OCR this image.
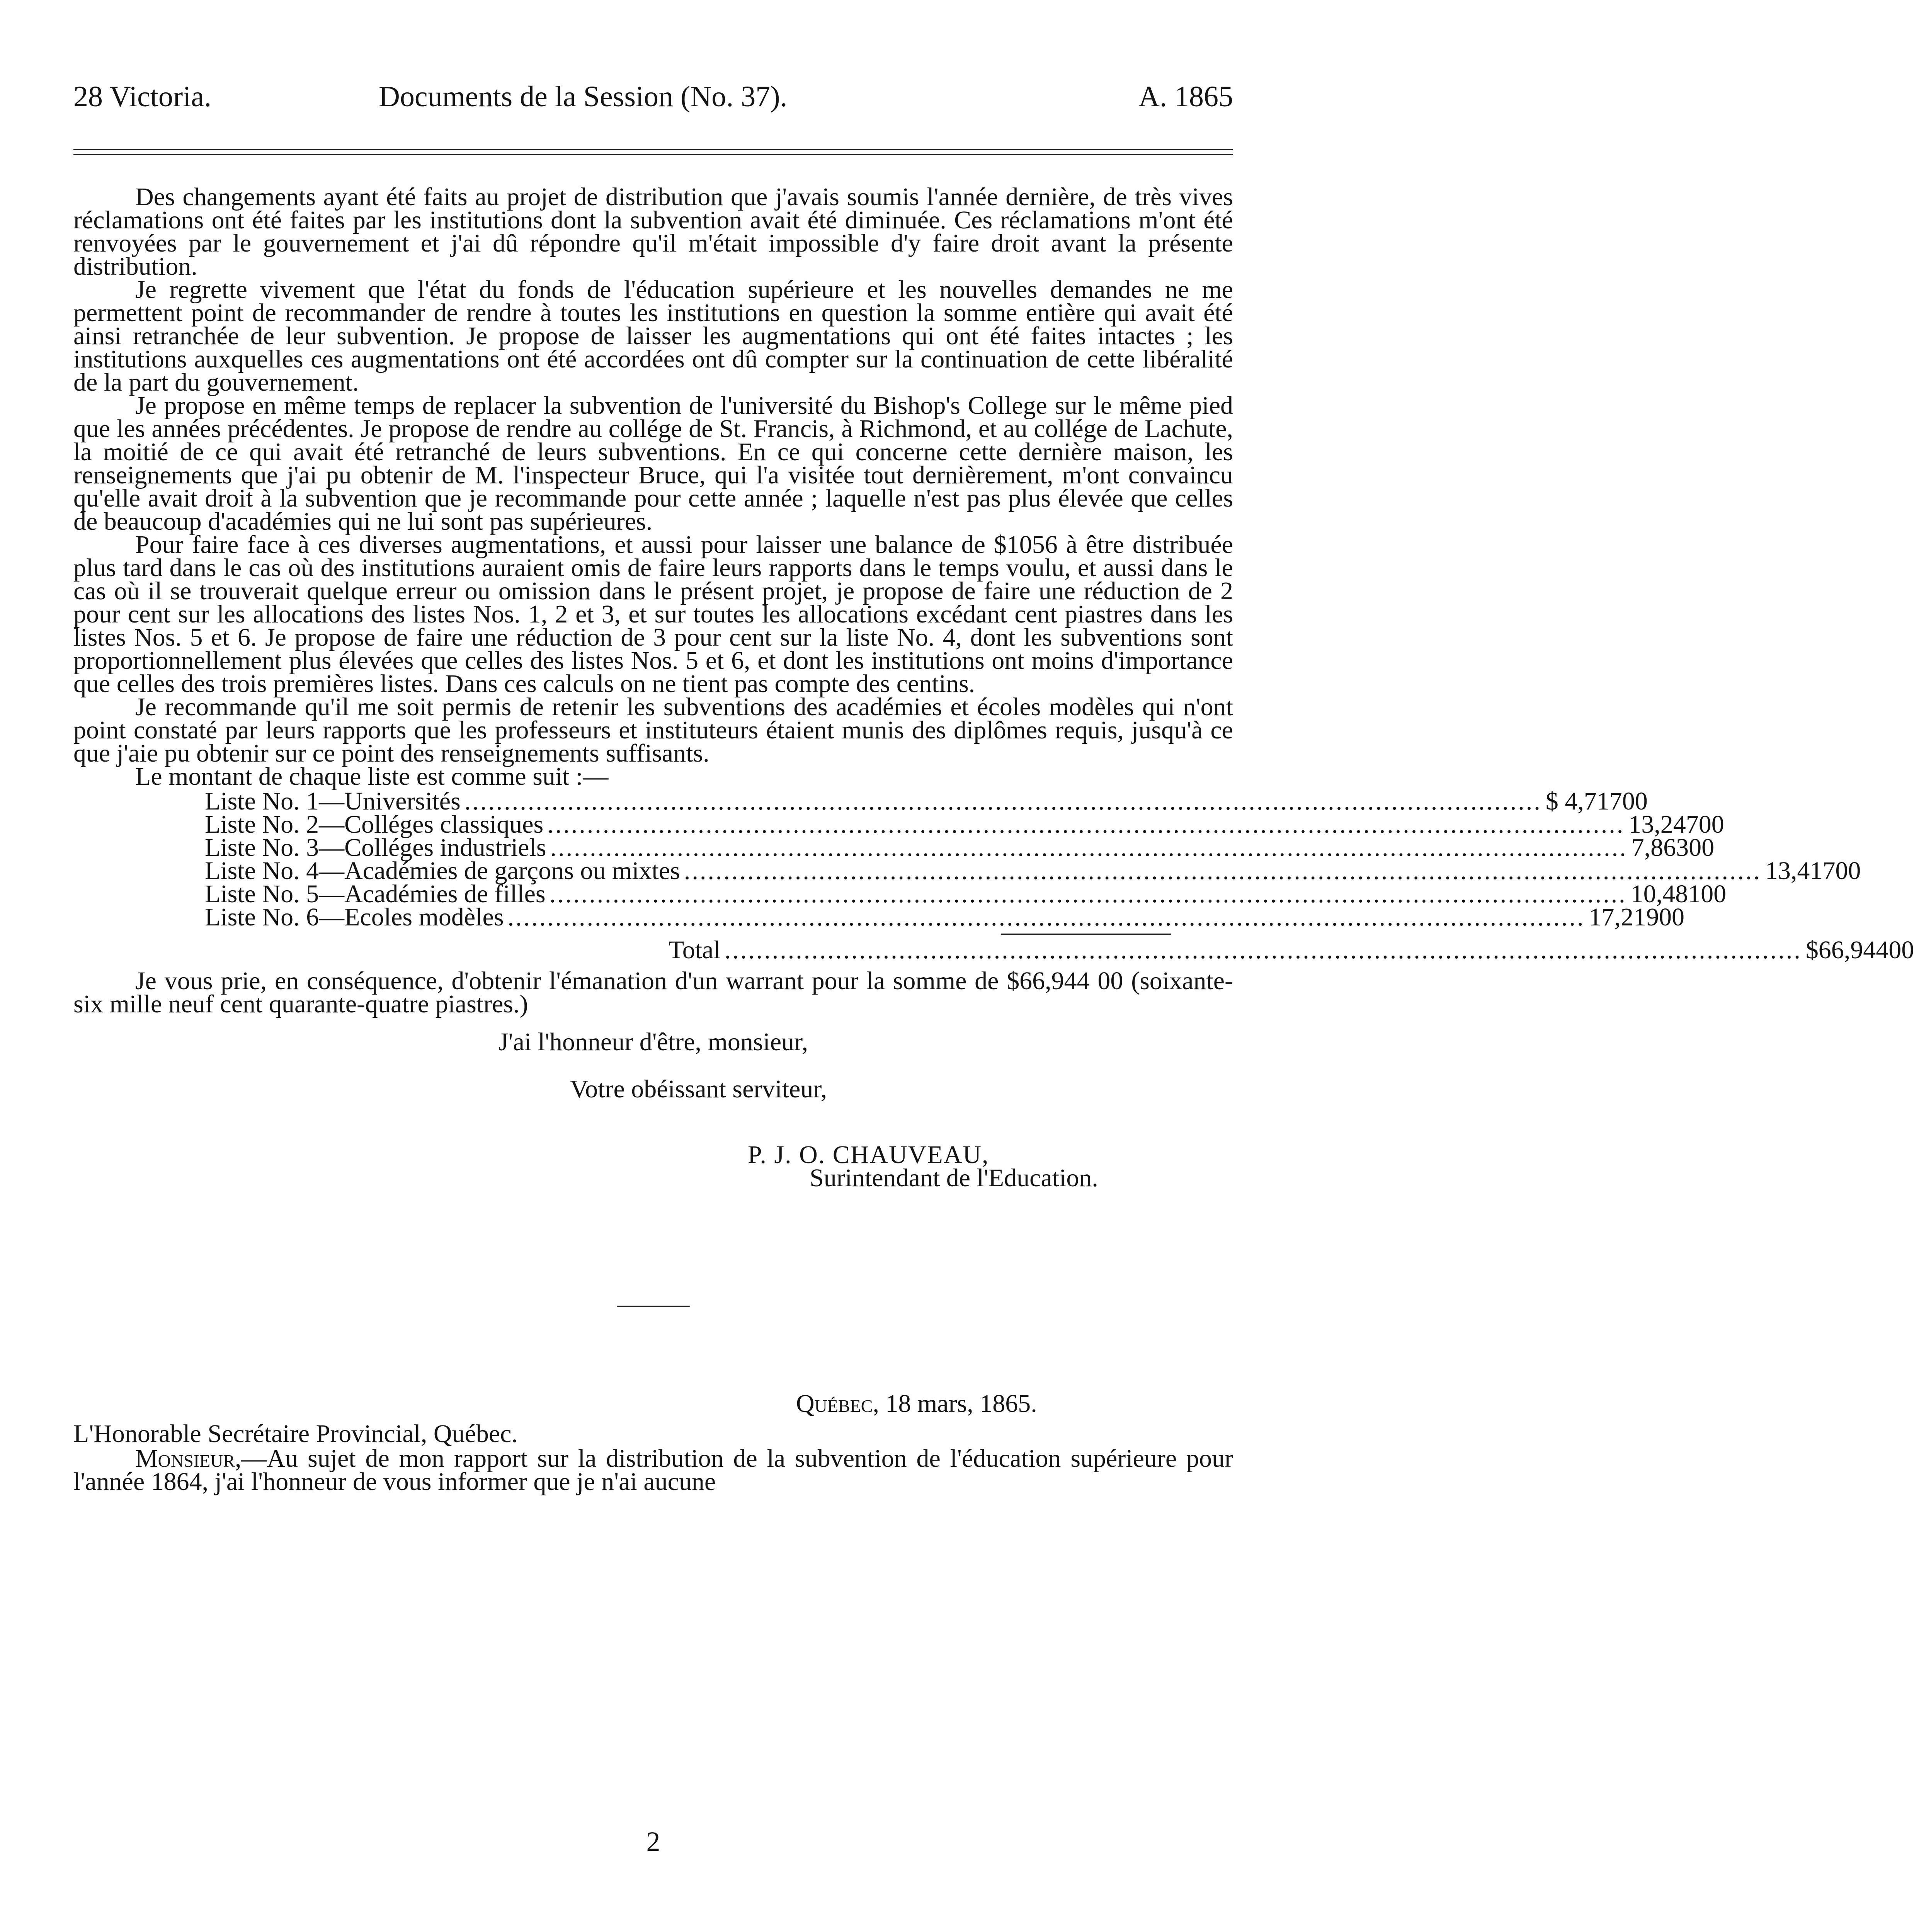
28 Victoria.	Documents de la Session (No. 37).	A. 1865

Des changements ayant été faits au projet de distribution que j'avais soumis l'année dernière, de très vives réclamations ont été faites par les institutions dont la subvention avait été diminuée. Ces réclamations m'ont été renvoyées par le gouvernement et j'ai dû répondre qu'il m'était impossible d'y faire droit avant la présente distribution.

Je regrette vivement que l'état du fonds de l'éducation supérieure et les nouvelles demandes ne me permettent point de recommander de rendre à toutes les institutions en question la somme entière qui avait été ainsi retranchée de leur subvention. Je propose de laisser les augmentations qui ont été faites intactes ; les institutions auxquelles ces augmentations ont été accordées ont dû compter sur la continuation de cette libéralité de la part du gouvernement.

Je propose en même temps de replacer la subvention de l'université du Bishop's College sur le même pied que les années précédentes. Je propose de rendre au collége de St. Francis, à Richmond, et au collége de Lachute, la moitié de ce qui avait été retranché de leurs subventions. En ce qui concerne cette dernière maison, les renseignements que j'ai pu obtenir de M. l'inspecteur Bruce, qui l'a visitée tout dernièrement, m'ont convaincu qu'elle avait droit à la subvention que je recommande pour cette année ; laquelle n'est pas plus élevée que celles de beaucoup d'académies qui ne lui sont pas supérieures.

Pour faire face à ces diverses augmentations, et aussi pour laisser une balance de $1056 à être distribuée plus tard dans le cas où des institutions auraient omis de faire leurs rapports dans le temps voulu, et aussi dans le cas où il se trouverait quelque erreur ou omission dans le présent projet, je propose de faire une réduction de 2 pour cent sur les allocations des listes Nos. 1, 2 et 3, et sur toutes les allocations excédant cent piastres dans les listes Nos. 5 et 6. Je propose de faire une réduction de 3 pour cent sur la liste No. 4, dont les subventions sont proportionnellement plus élevées que celles des listes Nos. 5 et 6, et dont les institutions ont moins d'importance que celles des trois premières listes. Dans ces calculs on ne tient pas compte des centins.

Je recommande qu'il me soit permis de retenir les subventions des académies et écoles modèles qui n'ont point constaté par leurs rapports que les professeurs et instituteurs étaient munis des diplômes requis, jusqu'à ce que j'aie pu obtenir sur ce point des renseignements suffisants.

Le montant de chaque liste est comme suit :—

Liste No. 1—Universités ........................................................................................................................................ $ 4,717 00
Liste No. 2—Colléges classiques ........................................................................................................................................ 13,247 00
Liste No. 3—Colléges industriels ........................................................................................................................................ 7,863 00
Liste No. 4—Académies de garçons ou mixtes ........................................................................................................................................ 13,417 00
Liste No. 5—Académies de filles ........................................................................................................................................ 10,481 00
Liste No. 6—Ecoles modèles ........................................................................................................................................ 17,219 00
Total ........................................................................................................................................ $66,944 00

Je vous prie, en conséquence, d'obtenir l'émanation d'un warrant pour la somme de $66,944 00 (soixante-six mille neuf cent quarante-quatre piastres.)

J'ai l'honneur d'être, monsieur,
Votre obéissant serviteur,
P. J. O. CHAUVEAU,
Surintendant de l'Education.
Québec, 18 mars, 1865.
L'Honorable Secrétaire Provincial, Québec.

Monsieur,—Au sujet de mon rapport sur la distribution de la subvention de l'éducation supérieure pour l'année 1864, j'ai l'honneur de vous informer que je n'ai aucune

2
